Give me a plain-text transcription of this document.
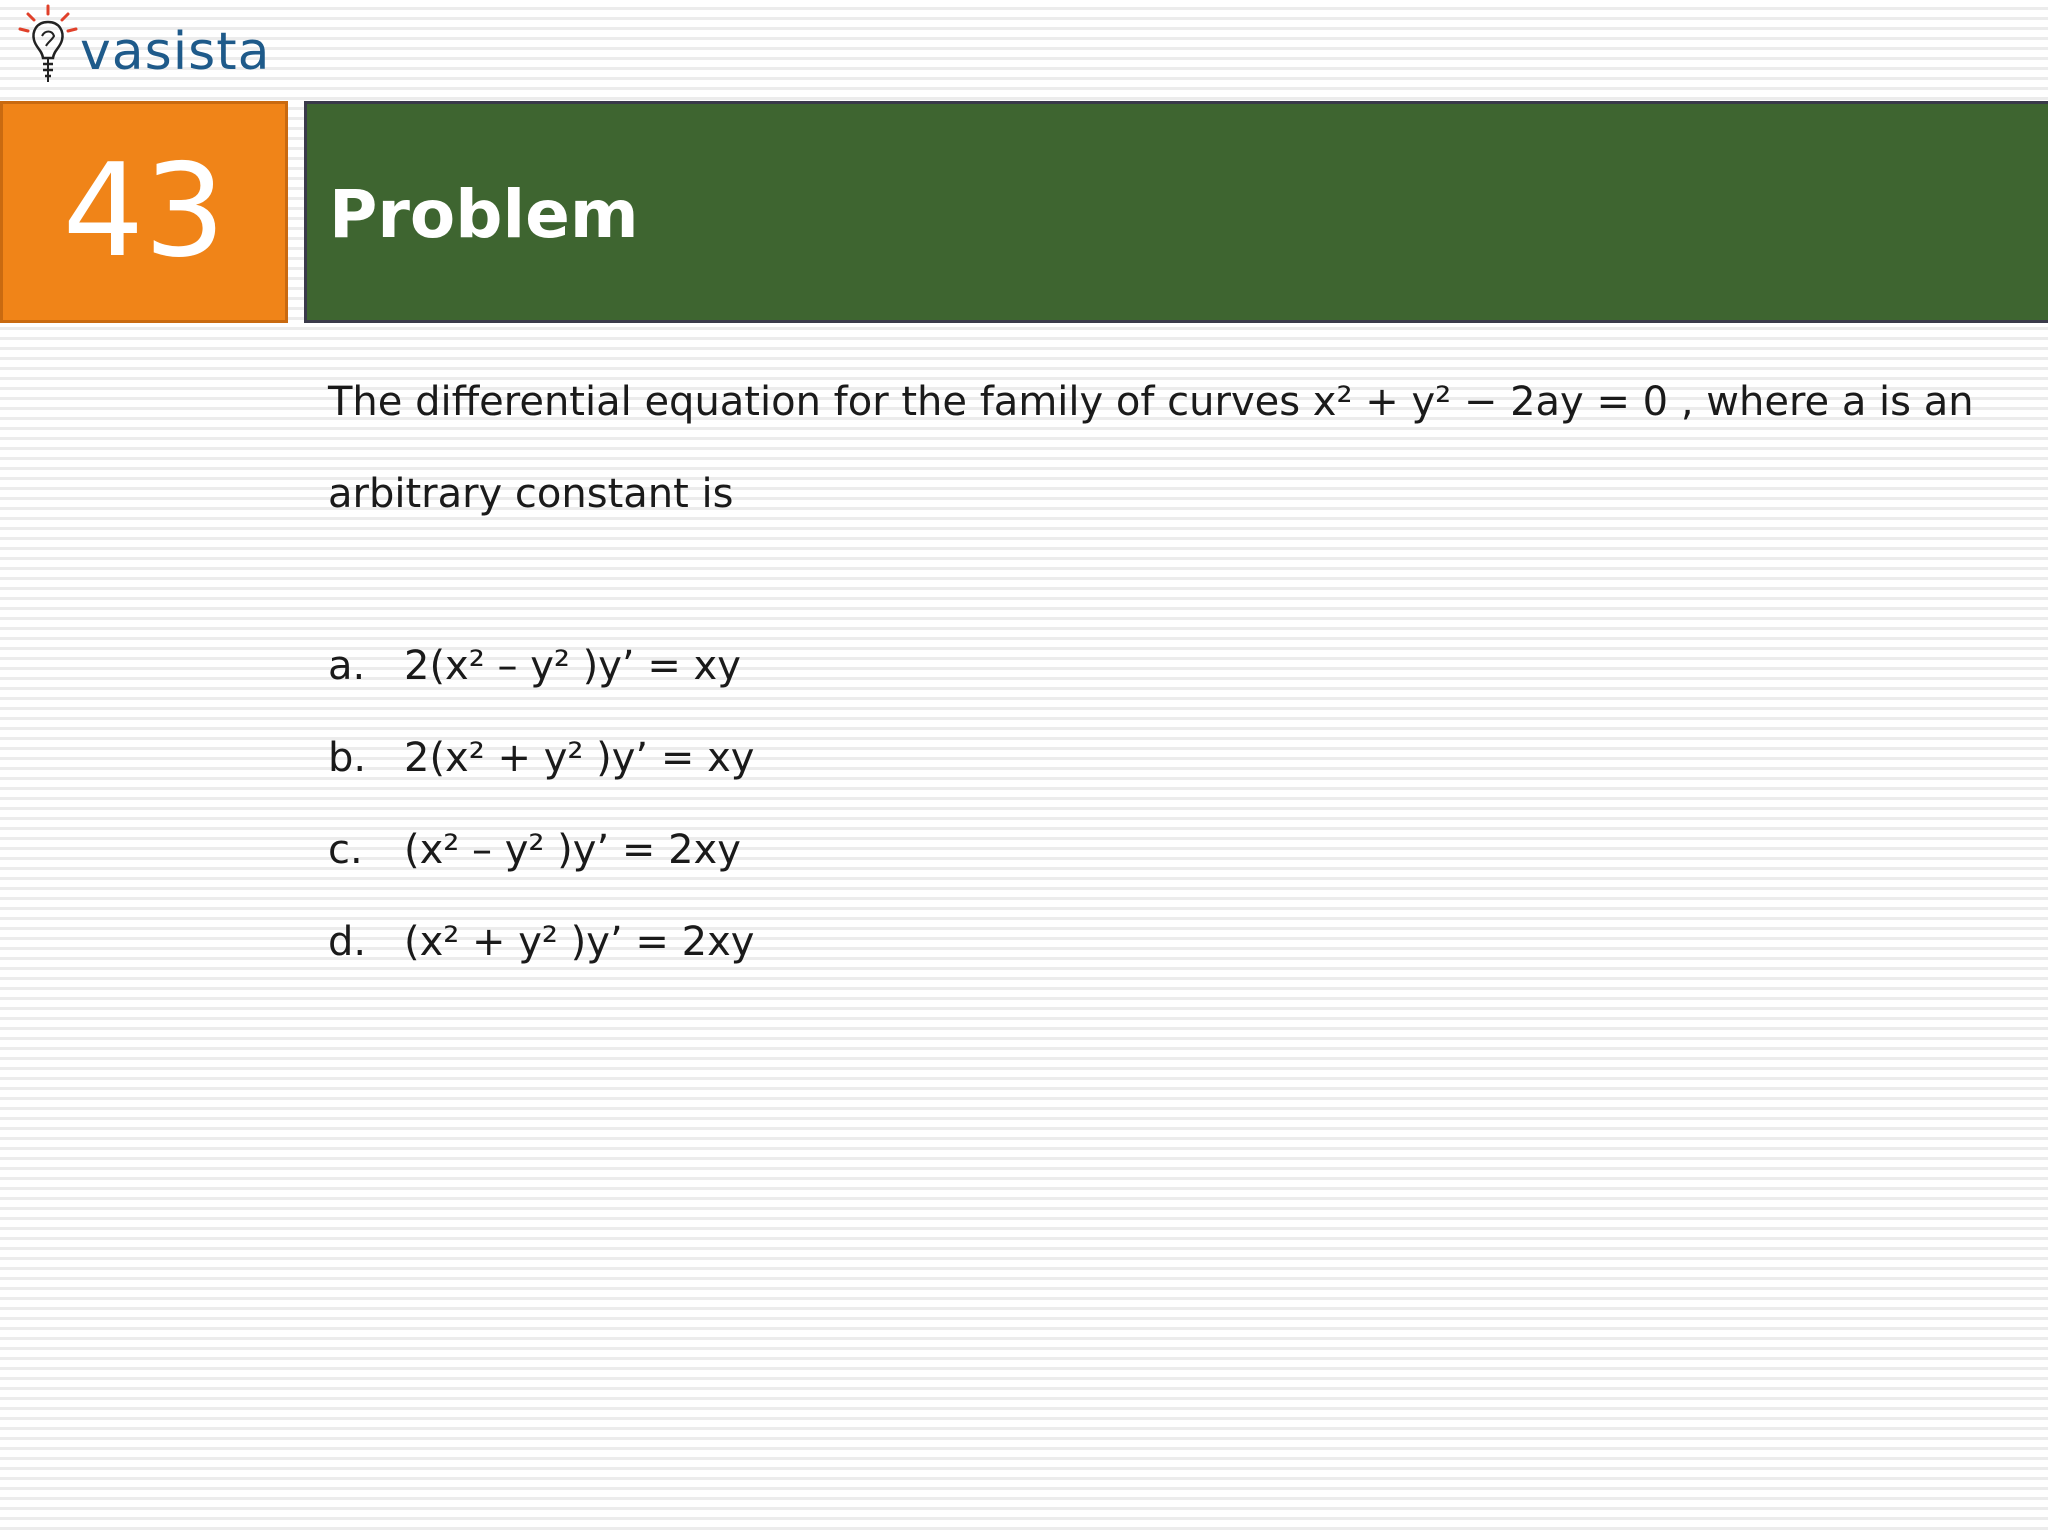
vasista
43 Problem
The differential equation for the family of curves x² + y² − 2ay = 0 , where a is an arbitrary constant is
a. 2(x² – y² )y’ = xy
b. 2(x² + y² )y’ = xy
c. (x² – y² )y’ = 2xy
d. (x² + y² )y’ = 2xy
